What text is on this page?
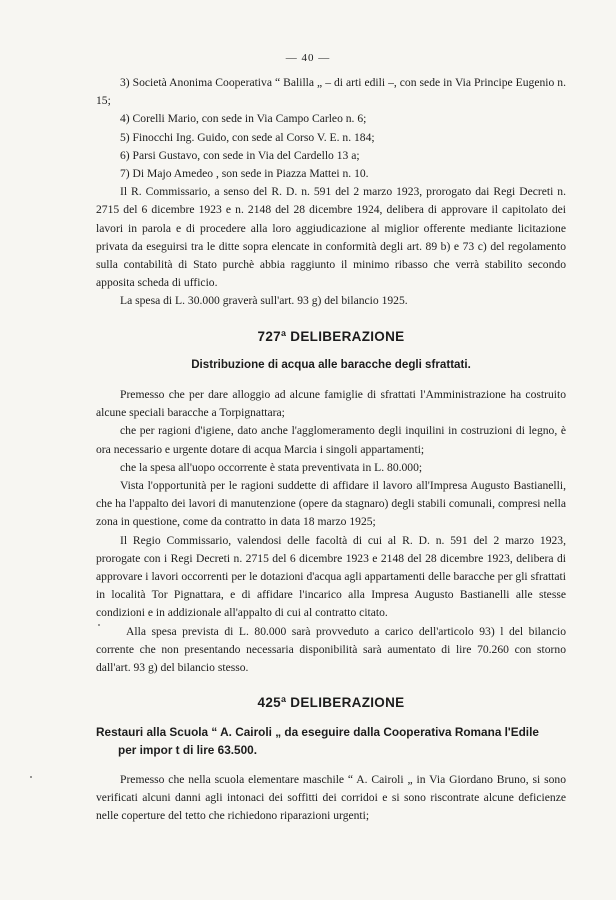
— 40 —

3) Società Anonima Cooperativa “ Balilla „ – di arti edili –, con sede in Via Principe Eugenio n. 15;

4) Corelli Mario, con sede in Via Campo Carleo n. 6;

5) Finocchi Ing. Guido, con sede al Corso V. E. n. 184;

6) Parsi Gustavo, con sede in Via del Cardello 13 a;

7) Di Majo Amedeo , son sede in Piazza Mattei n. 10.

Il R. Commissario, a senso del R. D. n. 591 del 2 marzo 1923, prorogato dai Regi Decreti n. 2715 del 6 dicembre 1923 e n. 2148 del 28 dicembre 1924, delibera di approvare il capitolato dei lavori in parola e di procedere alla loro aggiudicazione al miglior offerente mediante licitazione privata da eseguirsi tra le ditte sopra elencate in conformità degli art. 89 b) e 73 c) del regolamento sulla contabilità di Stato purchè abbia raggiunto il minimo ribasso che verrà stabilito secondo apposita scheda di ufficio.

La spesa di L. 30.000 graverà sull'art. 93 g) del bilancio 1925.

727ª DELIBERAZIONE
Distribuzione di acqua alle baracche degli sfrattati.

Premesso che per dare alloggio ad alcune famiglie di sfrattati l'Amministrazione ha costruito alcune speciali baracche a Torpignattara;

che per ragioni d'igiene, dato anche l'agglomeramento degli inquilini in costruzioni di legno, è ora necessario e urgente dotare di acqua Marcia i singoli appartamenti;

che la spesa all'uopo occorrente è stata preventivata in L. 80.000;

Vista l'opportunità per le ragioni suddette di affidare il lavoro all'Impresa Augusto Bastianelli, che ha l'appalto dei lavori di manutenzione (opere da stagnaro) degli stabili comunali, compresi nella zona in questione, come da contratto in data 18 marzo 1925;

Il Regio Commissario, valendosi delle facoltà di cui al R. D. n. 591 del 2 marzo 1923, prorogate con i Regi Decreti n. 2715 del 6 dicembre 1923 e 2148 del 28 dicembre 1923, delibera di approvare i lavori occorrenti per le dotazioni d'acqua agli appartamenti delle baracche per gli sfrattati in località Tor Pignattara, e di affidare l'incarico alla Impresa Augusto Bastianelli alle stesse condizioni e in addizionale all'appalto di cui al contratto citato.

Alla spesa prevista di L. 80.000 sarà provveduto a carico dell'articolo 93) l del bilancio corrente che non presentando necessaria disponibilità sarà aumentato di lire 70.260 con storno dall'art. 93 g) del bilancio stesso.

425ª DELIBERAZIONE
Restauri alla Scuola “ A. Cairoli „ da eseguire dalla Cooperativa Romana l'Edile
per impor t di lire 63.500.

Premesso che nella scuola elementare maschile “ A. Cairoli „ in Via Giordano Bruno, si sono verificati alcuni danni agli intonaci dei soffitti dei corridoi e si sono riscontrate alcune deficienze nelle coperture del tetto che richiedono riparazioni urgenti;
